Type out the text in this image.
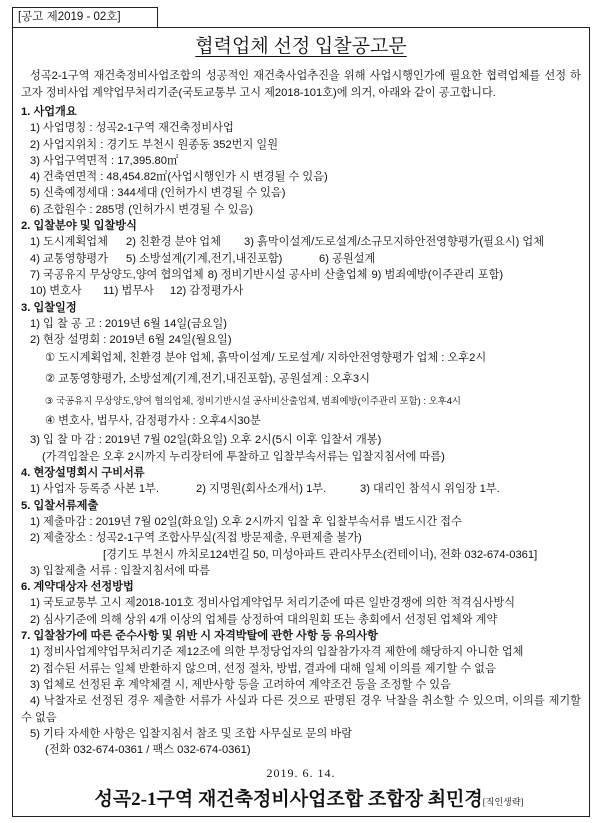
[공고 제2019 - 02호]
협력업체 선정 입찰공고문

성곡2-1구역 재건축정비사업조합의 성공적인 재건축사업추진을 위해 사업시행인가에 필요한 협력업체를 선정 하고자 정비사업 계약업무처리기준(국토교통부 고시 제2018-101호)에 의거, 아래와 같이 공고합니다.

1. 사업개요
1) 사업명칭 : 성곡2-1구역 재건축정비사업
2) 사업지위치 : 경기도 부천시 원종동 352번지 일원
3) 사업구역면적 : 17,395.80㎡
4) 건축연면적 : 48,454.82㎡(사업시행인가 시 변경될 수 있음)
5) 신축예정세대 : 344세대 (인허가시 변경될 수 있음)
6) 조합원수 : 285명 (인허가시 변경될 수 있음)
2. 입찰분야 및 입찰방식
1) 도시계획업체 2) 친환경 분야 업체 3) 흙막이설계/도로설계/소규모지하안전영향평가(필요시) 업체
4) 교통영향평가 5) 소방설계(기계,전기,내진포함)	6) 공원설계
7) 국공유지 무상양도,양여 협의업체 8) 정비기반시설 공사비 산출업체 9) 범죄예방(이주관리 포함)
10) 변호사 11) 법무사 12) 감정평가사
3. 입찰일정
1) 입 찰 공 고 : 2019년 6월 14일(금요일)
2) 현장 설명회 : 2019년 6월 24일(월요일)
① 도시계획업체, 친환경 분야 업체, 흙막이설계/ 도로설계/ 지하안전영향평가 업체 : 오후2시
② 교통영향평가, 소방설계(기계,전기,내진포함), 공원설계 : 오후3시
③ 국공유지 무상양도,양여 협의업체, 정비기반시설 공사비산출업체, 범죄예방(이주관리 포함) : 오후4시
④ 변호사, 법무사, 감정평가사 : 오후4시30분
3) 입 찰 마 감 : 2019년 7월 02일(화요일) 오후 2시(5시 이후 입찰서 개봉)
(가격입찰은 오후 2시까지 누리장터에 투찰하고 입찰부속서류는 입찰지침서에 따름)
4. 현장설명회시 구비서류
1) 사업자 등록증 사본 1부.	2) 지명원(회사소개서) 1부.	3) 대리인 참석시 위임장 1부.
5. 입찰서류제출
1) 제출마감 : 2019년 7월 02일(화요일) 오후 2시까지 입찰 후 입찰부속서류 별도시간 접수
2) 제출장소 : 성곡2-1구역 조합사무실(직접 방문제출, 우편제출 불가)
[경기도 부천시 까치로124번길 50, 미성아파트 관리사무소(컨테이너), 전화 032-674-0361]
3) 입찰제출 서류 : 입찰지침서에 따름
6. 계약대상자 선정방법
1) 국토교통부 고시 제2018-101호 정비사업계약업무 처리기준에 따른 일반경쟁에 의한 적격심사방식
2) 심사기준에 의해 상위 4개 이상의 업체를 상정하여 대의원회 또는 총회에서 선정된 업체와 계약
7. 입찰참가에 따른 준수사항 및 위반 시 자격박탈에 관한 사항 등 유의사항
1) 정비사업계약업무처리기준 제12조에 의한 부정당업자의 입찰참가자격 제한에 해당하지 아니한 업체
2) 접수된 서류는 일체 반환하지 않으며, 선정 절차, 방법, 결과에 대해 일체 이의를 제기할 수 없음
3) 업체로 선정된 후 계약체결 시, 제반사항 등을 고려하여 계약조건 등을 조정할 수 있음
4) 낙찰자로 선정된 경우 제출한 서류가 사실과 다른 것으로 판명된 경우 낙찰을 취소할 수 있으며, 이의를 제기할 수 없음
5) 기타 자세한 사항은 입찰지침서 참조 및 조합 사무실로 문의 바람
(전화 032-674-0361 / 팩스 032-674-0361)
2019. 6. 14.
성곡2-1구역 재건축정비사업조합 조합장 최민경[직인생략]
